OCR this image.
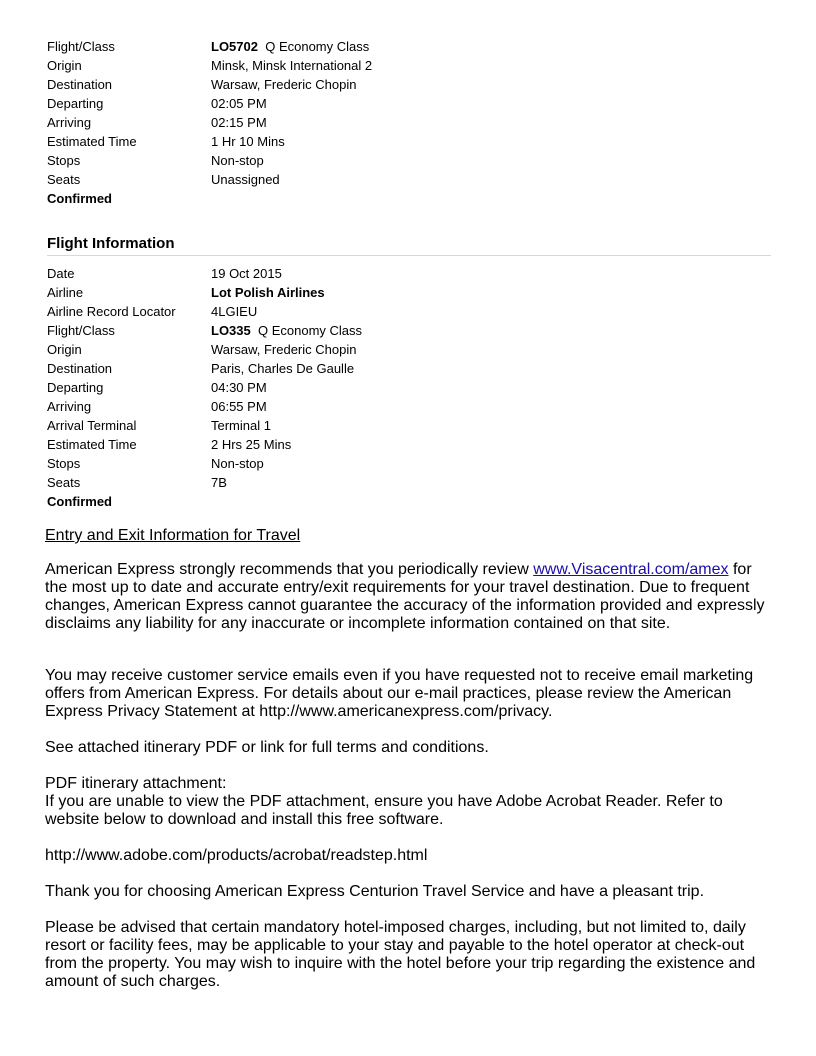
Flight/Class	LO5702 Q Economy Class
Origin	Minsk, Minsk International 2
Destination	Warsaw, Frederic Chopin
Departing	02:05 PM
Arriving	02:15 PM
Estimated Time	1 Hr 10 Mins
Stops	Non-stop
Seats	Unassigned
Confirmed
Flight Information
Date	19 Oct 2015
Airline	Lot Polish Airlines
Airline Record Locator	4LGIEU
Flight/Class	LO335 Q Economy Class
Origin	Warsaw, Frederic Chopin
Destination	Paris, Charles De Gaulle
Departing	04:30 PM
Arriving	06:55 PM
Arrival Terminal	Terminal 1
Estimated Time	2 Hrs 25 Mins
Stops	Non-stop
Seats	7B
Confirmed
Entry and Exit Information for Travel
American Express strongly recommends that you periodically review www.Visacentral.com/amex for the most up to date and accurate entry/exit requirements for your travel destination. Due to frequent changes, American Express cannot guarantee the accuracy of the information provided and expressly disclaims any liability for any inaccurate or incomplete information contained on that site.
You may receive customer service emails even if you have requested not to receive email marketing offers from American Express. For details about our e-mail practices, please review the American Express Privacy Statement at http://www.americanexpress.com/privacy.
See attached itinerary PDF or link for full terms and conditions.
PDF itinerary attachment:
If you are unable to view the PDF attachment, ensure you have Adobe Acrobat Reader. Refer to website below to download and install this free software.
http://www.adobe.com/products/acrobat/readstep.html
Thank you for choosing American Express Centurion Travel Service and have a pleasant trip.
Please be advised that certain mandatory hotel-imposed charges, including, but not limited to, daily resort or facility fees, may be applicable to your stay and payable to the hotel operator at check-out from the property. You may wish to inquire with the hotel before your trip regarding the existence and amount of such charges.
